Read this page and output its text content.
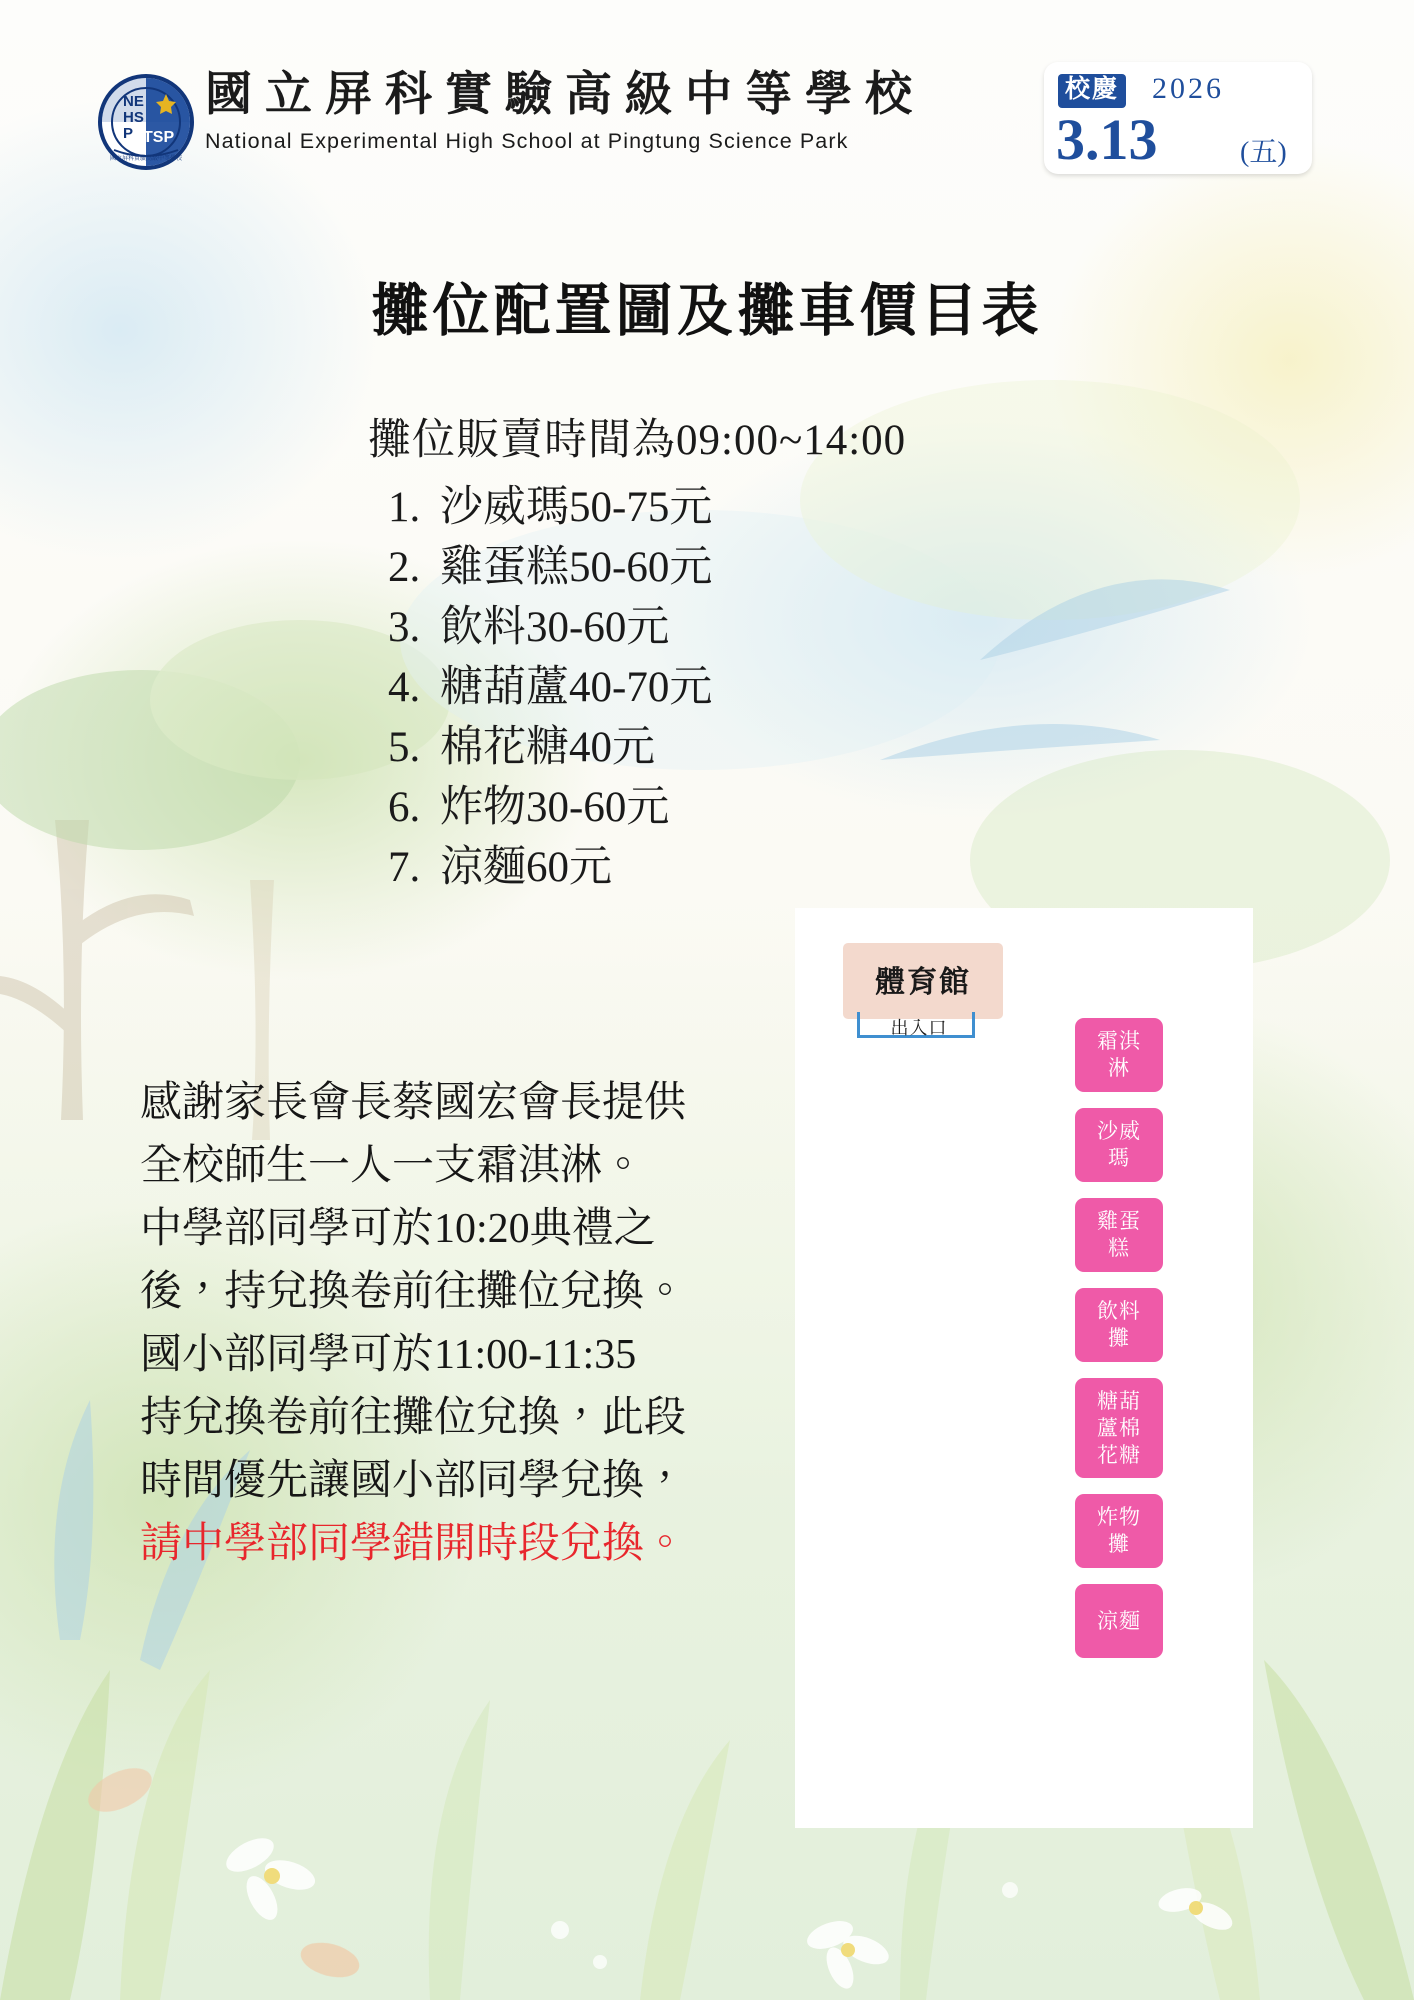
NE
HS
P TSP
國立屏科實驗高級中等學校
國立屏科實驗高級中等學校
National Experimental High School at Pingtung Science Park
校慶 2026
3.13	(五)
攤位配置圖及攤車價目表
攤位販賣時間為09:00~14:00
1. 沙威瑪50-75元
2. 雞蛋糕50-60元
3. 飲料30-60元
4. 糖葫蘆40-70元
5. 棉花糖40元
6. 炸物30-60元
7. 涼麵60元

感謝家長會長蔡國宏會長提供

全校師生一人一支霜淇淋。

中學部同學可於10:20典禮之

後，持兌換卷前往攤位兌換。

國小部同學可於11:00-11:35

持兌換卷前往攤位兌換，此段

時間優先讓國小部同學兌換，

請中學部同學錯開時段兌換。

體育館
出入口
霜淇
淋
沙威
瑪
雞蛋
糕
飲料
攤
糖葫
蘆棉
花糖
炸物
攤
涼麵
